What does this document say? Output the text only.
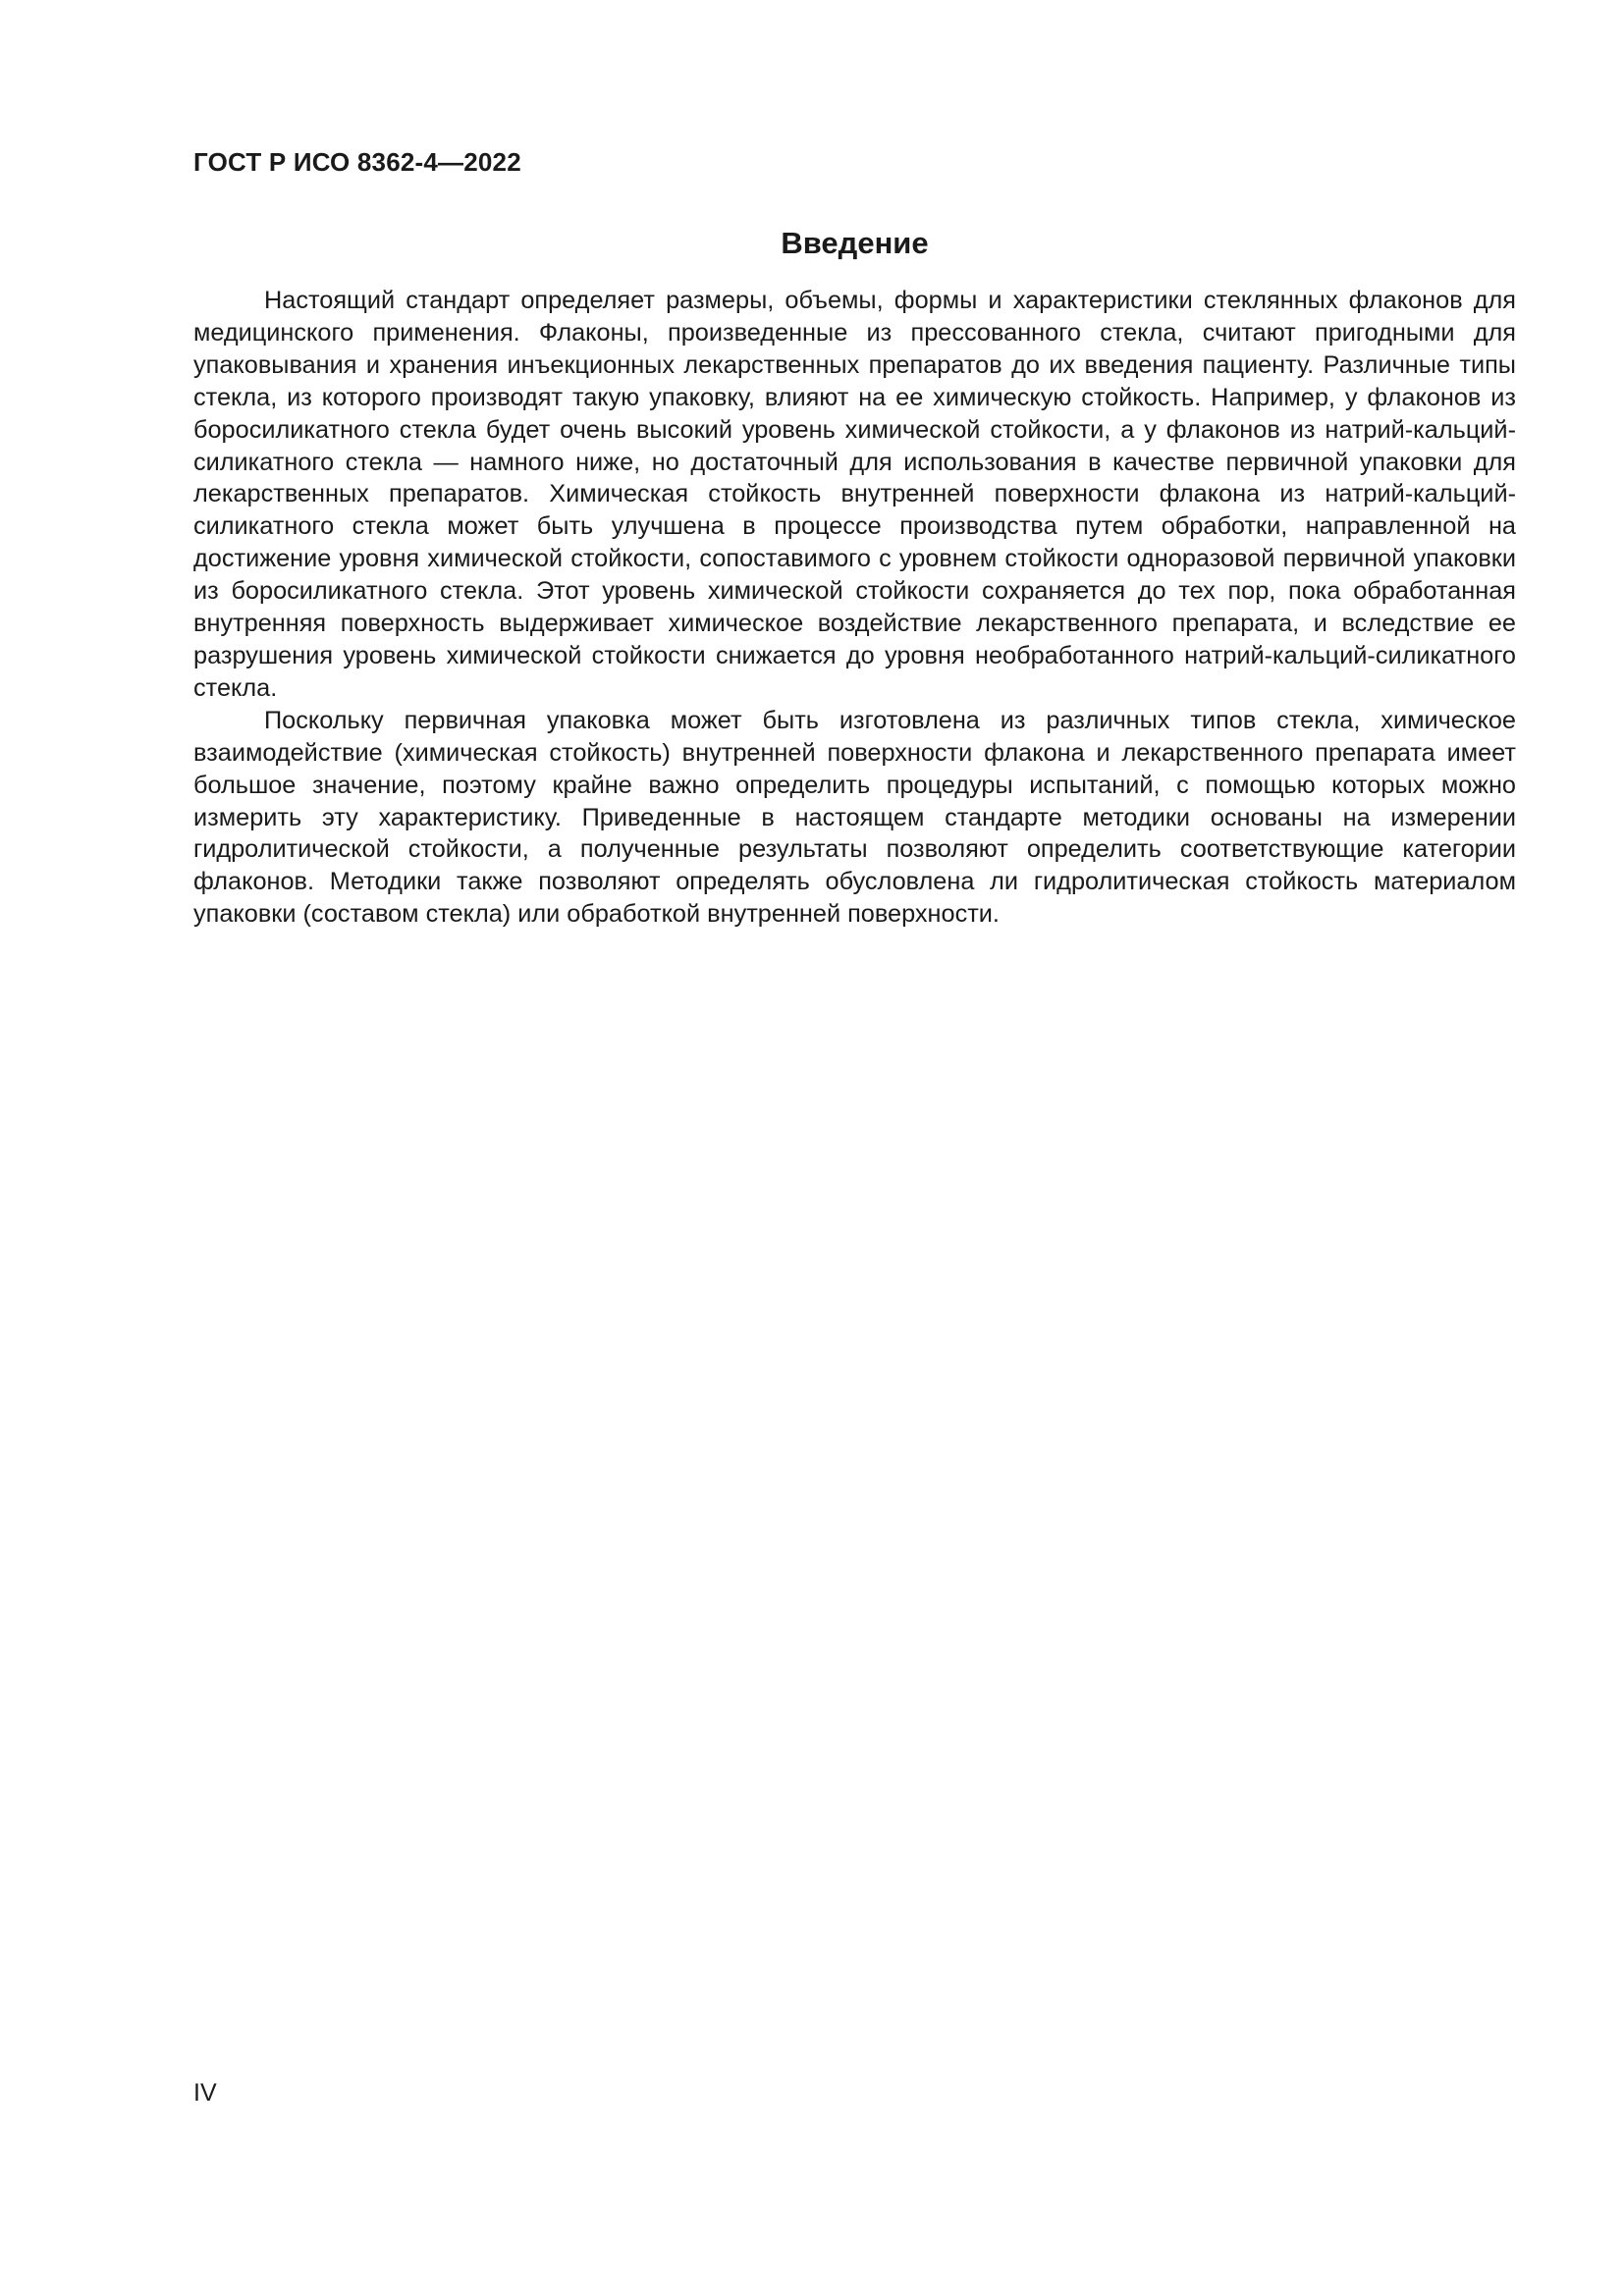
ГОСТ Р ИСО 8362-4—2022
Введение

Настоящий стандарт определяет размеры, объемы, формы и характеристики стеклянных флаконов для медицинского применения. Флаконы, произведенные из прессованного стекла, считают пригодными для упаковывания и хранения инъекционных лекарственных препаратов до их введения пациенту. Различные типы стекла, из которого производят такую упаковку, влияют на ее химическую стойкость. Например, у флаконов из боросиликатного стекла будет очень высокий уровень химической стойкости, а у флаконов из натрий-кальций-силикатного стекла — намного ниже, но достаточный для использования в качестве первичной упаковки для лекарственных препаратов. Химическая стойкость внутренней поверхности флакона из натрий-кальций-силикатного стекла может быть улучшена в процессе производства путем обработки, направленной на достижение уровня химической стойкости, сопоставимого с уровнем стойкости одноразовой первичной упаковки из боросиликатного стекла. Этот уровень химической стойкости сохраняется до тех пор, пока обработанная внутренняя поверхность выдерживает химическое воздействие лекарственного препарата, и вследствие ее разрушения уровень химической стойкости снижается до уровня необработанного натрий-кальций-силикатного стекла.

Поскольку первичная упаковка может быть изготовлена из различных типов стекла, химическое взаимодействие (химическая стойкость) внутренней поверхности флакона и лекарственного препарата имеет большое значение, поэтому крайне важно определить процедуры испытаний, с помощью которых можно измерить эту характеристику. Приведенные в настоящем стандарте методики основаны на измерении гидролитической стойкости, а полученные результаты позволяют определить соответствующие категории флаконов. Методики также позволяют определять обусловлена ли гидролитическая стойкость материалом упаковки (составом стекла) или обработкой внутренней поверхности.

IV
